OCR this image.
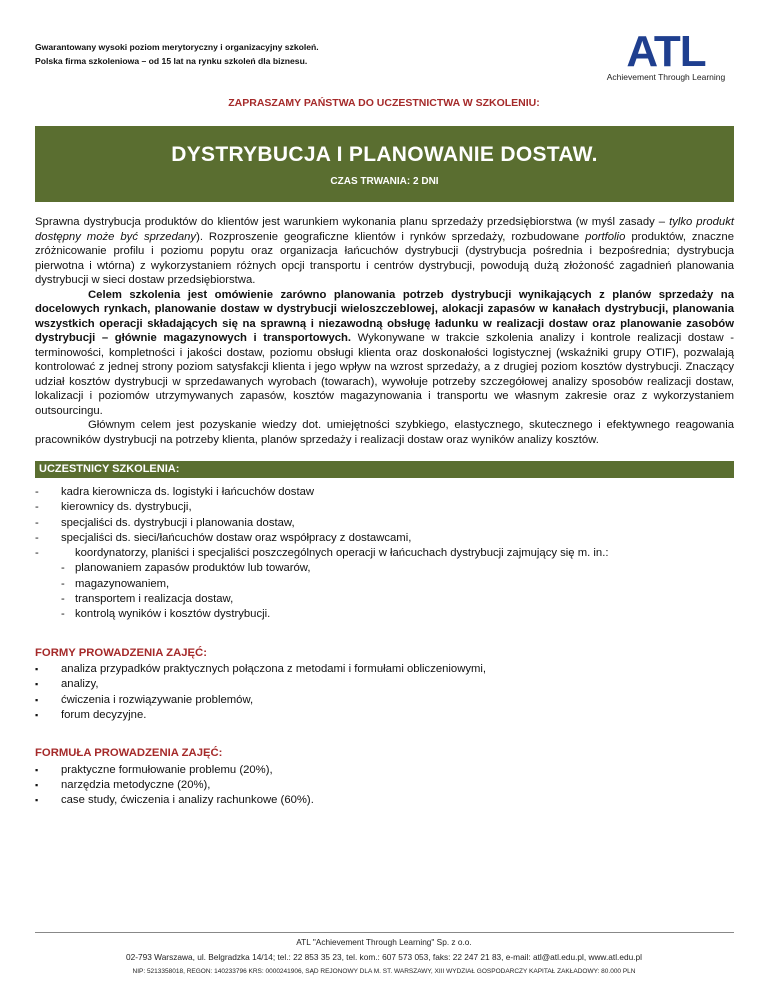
Gwarantowany wysoki poziom merytoryczny i organizacyjny szkoleń.
Polska firma szkoleniowa – od 15 lat na rynku szkoleń dla biznesu.	ATL
Achievement Through Learning
ZAPRASZAMY PAŃSTWA DO UCZESTNICTWA W SZKOLENIU:
DYSTRYBUCJA I PLANOWANIE DOSTAW.
CZAS TRWANIA: 2 DNI

Sprawna dystrybucja produktów do klientów jest warunkiem wykonania planu sprzedaży przedsiębiorstwa (w myśl zasady – tylko produkt dostępny może być sprzedany). Rozproszenie geograficzne klientów i rynków sprzedaży, rozbudowane portfolio produktów, znaczne zróżnicowanie profilu i poziomu popytu oraz organizacja łańcuchów dystrybucji (dystrybucja pośrednia i bezpośrednia; dystrybucja pierwotna i wtórna) z wykorzystaniem różnych opcji transportu i centrów dystrybucji, powodują dużą złożoność zagadnień planowania dystrybucji w sieci dostaw przedsiębiorstwa.

Celem szkolenia jest omówienie zarówno planowania potrzeb dystrybucji wynikających z planów sprzedaży na docelowych rynkach, planowanie dostaw w dystrybucji wieloszczeblowej, alokacji zapasów w kanałach dystrybucji, planowania wszystkich operacji składających się na sprawną i niezawodną obsługę ładunku w realizacji dostaw oraz planowanie zasobów dystrybucji – głównie magazynowych i transportowych. Wykonywane w trakcie szkolenia analizy i kontrole realizacji dostaw - terminowości, kompletności i jakości dostaw, poziomu obsługi klienta oraz doskonałości logistycznej (wskaźniki grupy OTIF), pozwalają kontrolować z jednej strony poziom satysfakcji klienta i jego wpływ na wzrost sprzedaży, a z drugiej poziom kosztów dystrybucji. Znaczący udział kosztów dystrybucji w sprzedawanych wyrobach (towarach), wywołuje potrzeby szczegółowej analizy sposobów realizacji dostaw, lokalizacji i poziomów utrzymywanych zapasów, kosztów magazynowania i transportu we własnym zakresie oraz z wykorzystaniem outsourcingu.

Głównym celem jest pozyskanie wiedzy dot. umiejętności szybkiego, elastycznego, skutecznego i efektywnego reagowania pracowników dystrybucji na potrzeby klienta, planów sprzedaży i realizacji dostaw oraz wyników analizy kosztów.

UCZESTNICY SZKOLENIA:
- kadra kierownicza ds. logistyki i łańcuchów dostaw
- kierownicy ds. dystrybucji,
- specjaliści ds. dystrybucji i planowania dostaw,
- specjaliści ds. sieci/łańcuchów dostaw oraz współpracy z dostawcami,
-	koordynatorzy, planiści i specjaliści poszczególnych operacji w łańcuchach dystrybucji zajmujący się m. in.:
- planowaniem zapasów produktów lub towarów,
- magazynowaniem,
- transportem i realizacja dostaw,
- kontrolą wyników i kosztów dystrybucji.
FORMY PROWADZENIA ZAJĘĆ:
▪ analiza przypadków praktycznych połączona z metodami i formułami obliczeniowymi,
▪ analizy,
▪ ćwiczenia i rozwiązywanie problemów,
▪ forum decyzyjne.
FORMUŁA PROWADZENIA ZAJĘĆ:
▪ praktyczne formułowanie problemu (20%),
▪ narzędzia metodyczne (20%),
▪ case study, ćwiczenia i analizy rachunkowe (60%).
ATL "Achievement Through Learning" Sp. z o.o.
02-793 Warszawa, ul. Belgradzka 14/14; tel.: 22 853 35 23, tel. kom.: 607 573 053, faks: 22 247 21 83, e-mail: atl@atl.edu.pl, www.atl.edu.pl
NIP: 5213358018, REGON: 140233796 KRS: 0000241906, SĄD REJONOWY DLA M. ST. WARSZAWY, XIII WYDZIAŁ GOSPODARCZY KAPITAŁ ZAKŁADOWY: 80.000 PLN
